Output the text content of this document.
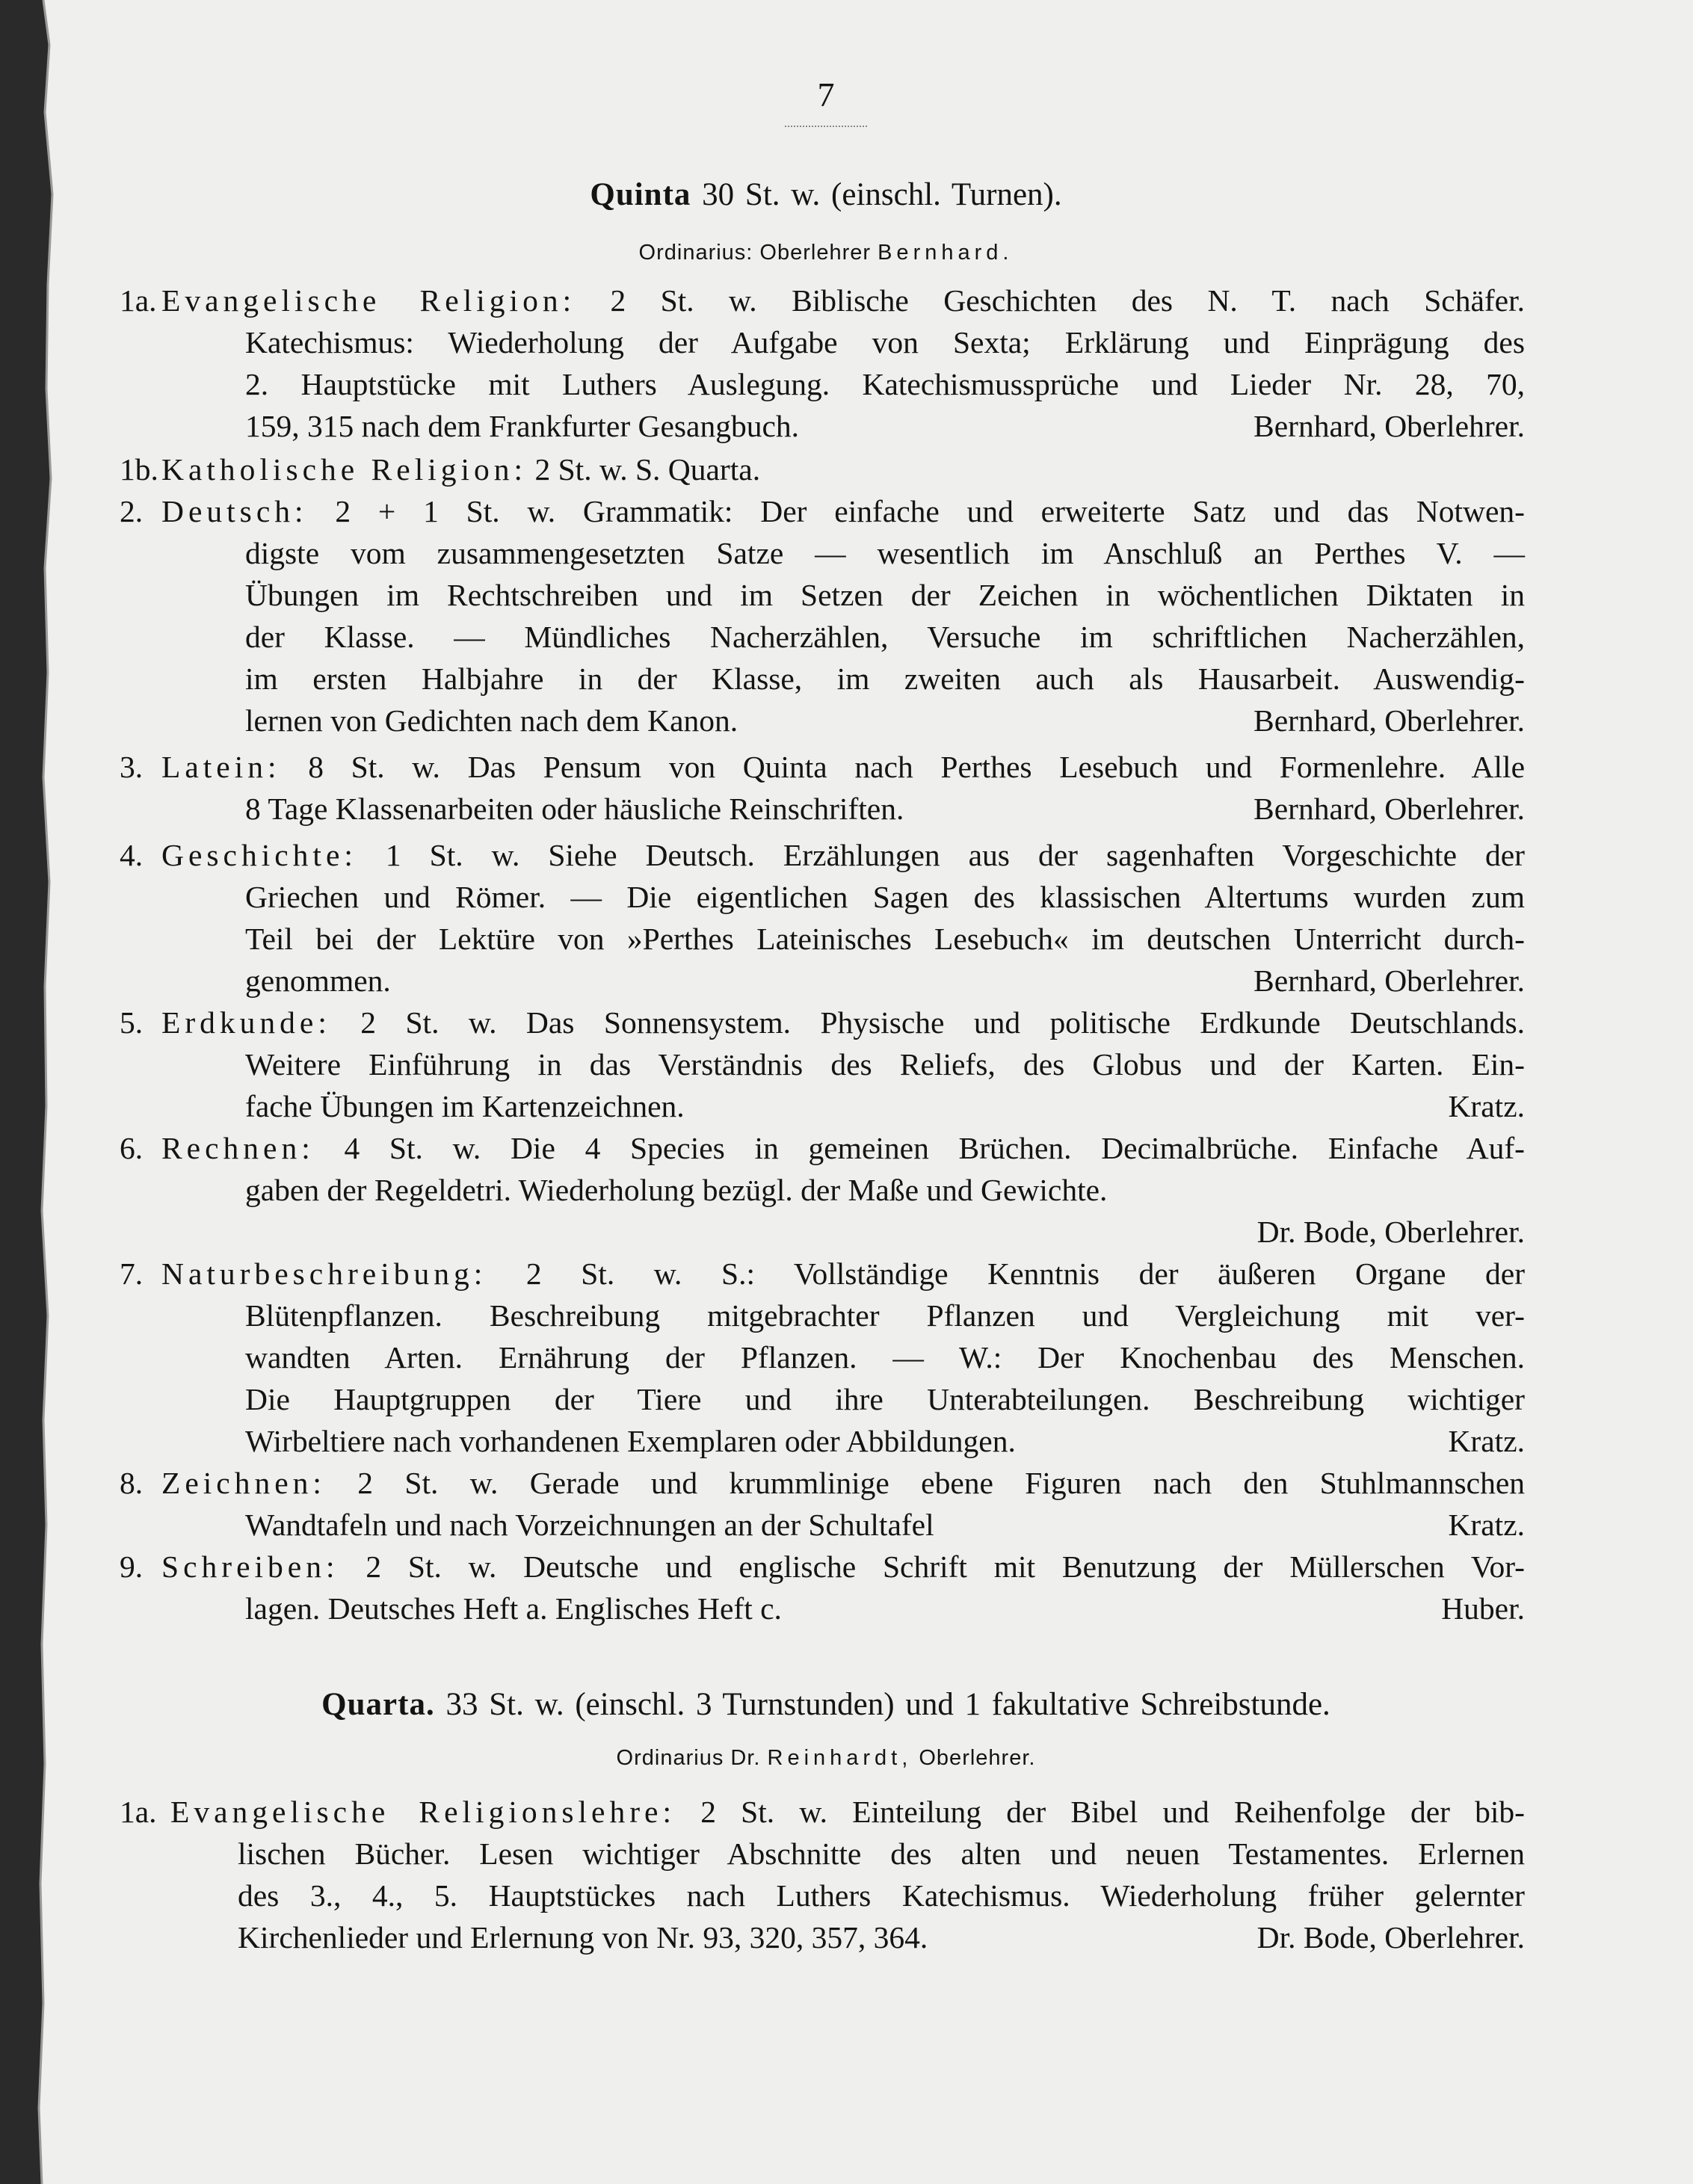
7
Quinta 30 St. w. (einschl. Turnen).
Ordinarius: Oberlehrer Bernhard.
1a. Evangelische Religion: 2 St. w. Biblische Geschichten des N. T. nach Schäfer.
Katechismus: Wiederholung der Aufgabe von Sexta; Erklärung und Einprägung des
2. Hauptstücke mit Luthers Auslegung. Katechismussprüche und Lieder Nr. 28, 70,
159, 315 nach dem Frankfurter Gesangbuch.	Bernhard, Oberlehrer.
1b. Katholische Religion: 2 St. w. S. Quarta.
2. Deutsch: 2 + 1 St. w. Grammatik: Der einfache und erweiterte Satz und das Notwen-
digste vom zusammengesetzten Satze — wesentlich im Anschluß an Perthes V. —
Übungen im Rechtschreiben und im Setzen der Zeichen in wöchentlichen Diktaten in
der Klasse. — Mündliches Nacherzählen, Versuche im schriftlichen Nacherzählen,
im ersten Halbjahre in der Klasse, im zweiten auch als Hausarbeit. Auswendig-
lernen von Gedichten nach dem Kanon.	Bernhard, Oberlehrer.
3. Latein: 8 St. w. Das Pensum von Quinta nach Perthes Lesebuch und Formenlehre. Alle
8 Tage Klassenarbeiten oder häusliche Reinschriften.	Bernhard, Oberlehrer.
4. Geschichte: 1 St. w. Siehe Deutsch. Erzählungen aus der sagenhaften Vorgeschichte der
Griechen und Römer. — Die eigentlichen Sagen des klassischen Altertums wurden zum
Teil bei der Lektüre von »Perthes Lateinisches Lesebuch« im deutschen Unterricht durch-
genommen.	Bernhard, Oberlehrer.
5. Erdkunde: 2 St. w. Das Sonnensystem. Physische und politische Erdkunde Deutschlands.
Weitere Einführung in das Verständnis des Reliefs, des Globus und der Karten. Ein-
fache Übungen im Kartenzeichnen.	Kratz.
6. Rechnen: 4 St. w. Die 4 Species in gemeinen Brüchen. Decimalbrüche. Einfache Auf-
gaben der Regeldetri. Wiederholung bezügl. der Maße und Gewichte.
Dr. Bode, Oberlehrer.
7. Naturbeschreibung: 2 St. w. S.: Vollständige Kenntnis der äußeren Organe der
Blütenpflanzen. Beschreibung mitgebrachter Pflanzen und Vergleichung mit ver-
wandten Arten. Ernährung der Pflanzen. — W.: Der Knochenbau des Menschen.
Die Hauptgruppen der Tiere und ihre Unterabteilungen. Beschreibung wichtiger
Wirbeltiere nach vorhandenen Exemplaren oder Abbildungen.	Kratz.
8. Zeichnen: 2 St. w. Gerade und krummlinige ebene Figuren nach den Stuhlmannschen
Wandtafeln und nach Vorzeichnungen an der Schultafel	Kratz.
9. Schreiben: 2 St. w. Deutsche und englische Schrift mit Benutzung der Müllerschen Vor-
lagen. Deutsches Heft a. Englisches Heft c.	Huber.
Quarta. 33 St. w. (einschl. 3 Turnstunden) und 1 fakultative Schreibstunde.
Ordinarius Dr. Reinhardt, Oberlehrer.
1a. Evangelische Religionslehre: 2 St. w. Einteilung der Bibel und Reihenfolge der bib-
lischen Bücher. Lesen wichtiger Abschnitte des alten und neuen Testamentes. Erlernen
des 3., 4., 5. Hauptstückes nach Luthers Katechismus. Wiederholung früher gelernter
Kirchenlieder und Erlernung von Nr. 93, 320, 357, 364.	Dr. Bode, Oberlehrer.
